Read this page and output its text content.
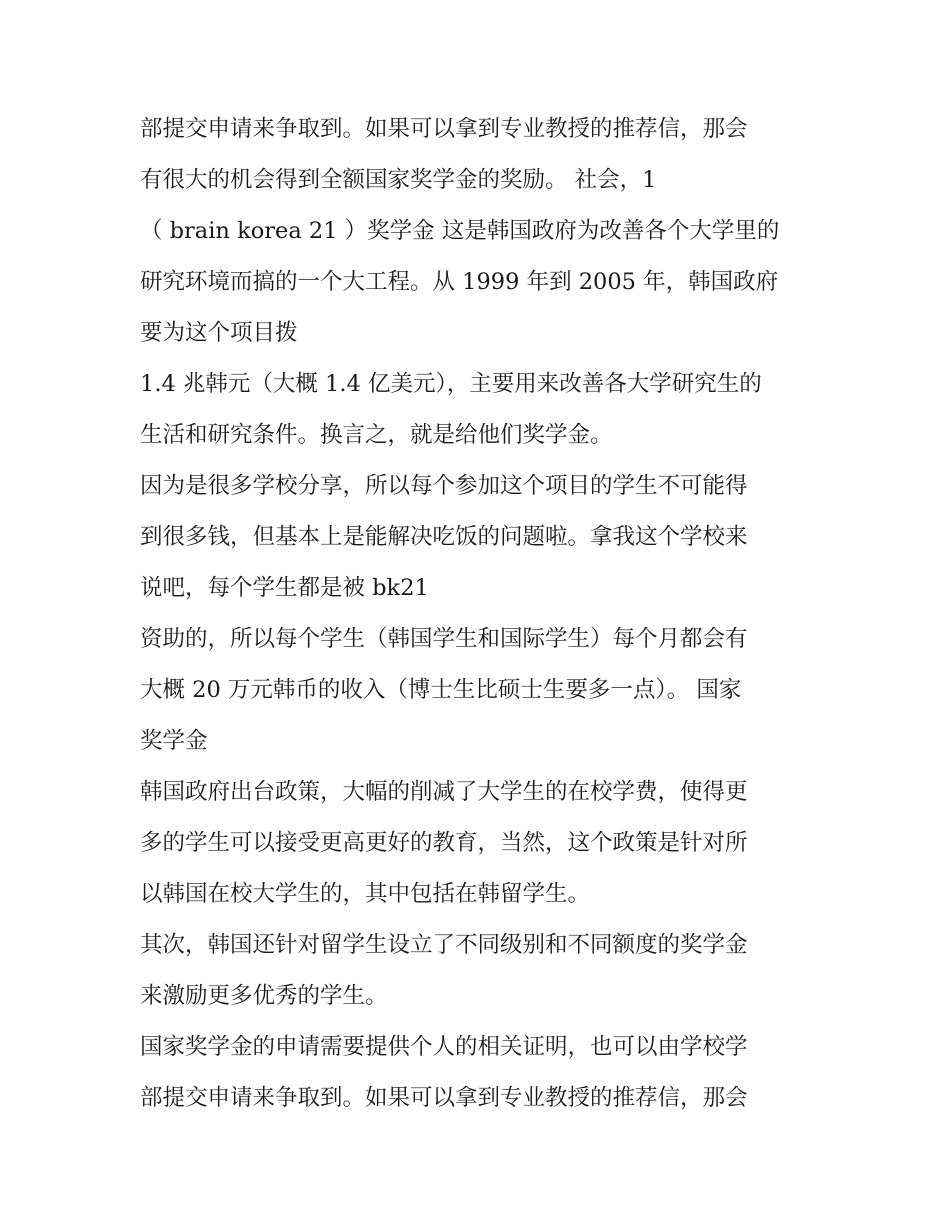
部提交申请来争取到。如果可以拿到专业教授的推荐信，那会
有很大的机会得到全额国家奖学金的奖励。 社会，1
（ brain korea 21 ）奖学金 这是韩国政府为改善各个大学里的
研究环境而搞的一个大工程。从 1999 年到 2005 年，韩国政府
要为这个项目拨
1.4 兆韩元（大概 1.4 亿美元），主要用来改善各大学研究生的
生活和研究条件。换言之，就是给他们奖学金。
因为是很多学校分享，所以每个参加这个项目的学生不可能得
到很多钱，但基本上是能解决吃饭的问题啦。拿我这个学校来
说吧，每个学生都是被 bk21
资助的，所以每个学生（韩国学生和国际学生）每个月都会有
大概 20 万元韩币的收入（博士生比硕士生要多一点）。 国家
奖学金
韩国政府出台政策，大幅的削减了大学生的在校学费，使得更
多的学生可以接受更高更好的教育，当然，这个政策是针对所
以韩国在校大学生的，其中包括在韩留学生。
其次，韩国还针对留学生设立了不同级别和不同额度的奖学金
来激励更多优秀的学生。
国家奖学金的申请需要提供个人的相关证明，也可以由学校学
部提交申请来争取到。如果可以拿到专业教授的推荐信，那会
